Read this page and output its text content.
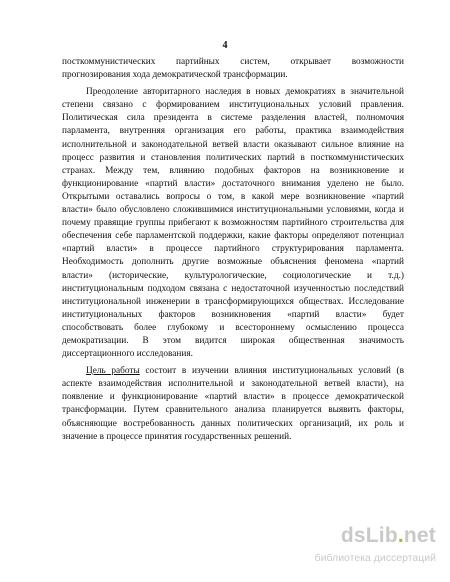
4
посткоммунистических партийных систем, открывает возможности
прогнозирования хода демократической трансформации.
Преодоление авторитарного наследия в новых демократиях в значительной
степени связано с формированием институциональных условий правления.
Политическая сила президента в системе разделения властей, полномочия
парламента, внутренняя организация его работы, практика взаимодействия
исполнительной и законодательной ветвей власти оказывают сильное влияние на
процесс развития и становления политических партий в посткоммунистических
странах. Между тем, влиянию подобных факторов на возникновение и
функционирование «партий власти» достаточного внимания уделено не было.
Открытыми оставались вопросы о том, в какой мере возникновение «партий
власти» было обусловлено сложившимися институциональными условиями, когда и
почему правящие группы прибегают к возможностям партийного строительства для
обеспечения себе парламентской поддержки, какие факторы определяют потенциал
«партий власти» в процессе партийного структурирования парламента.
Необходимость дополнить другие возможные объяснения феномена «партий
власти» (исторические, культурологические, социологические и т.д.)
институциональным подходом связана с недостаточной изученностью последствий
институциональной инженерии в трансформирующихся обществах. Исследование
институциональных факторов возникновения «партий власти» будет
способствовать более глубокому и всестороннему осмыслению процесса
демократизации. В этом видится широкая общественная значимость
диссертационного исследования.
Цель работы состоит в изучении влияния институциональных условий (в
аспекте взаимодействия исполнительной и законодательной ветвей власти), на
появление и функционирование «партий власти» в процессе демократической
трансформации. Путем сравнительного анализа планируется выявить факторы,
объясняющие востребованность данных политических организаций, их роль и
значение в процессе принятия государственных решений.
dsLib.net
библиотека диссертаций
